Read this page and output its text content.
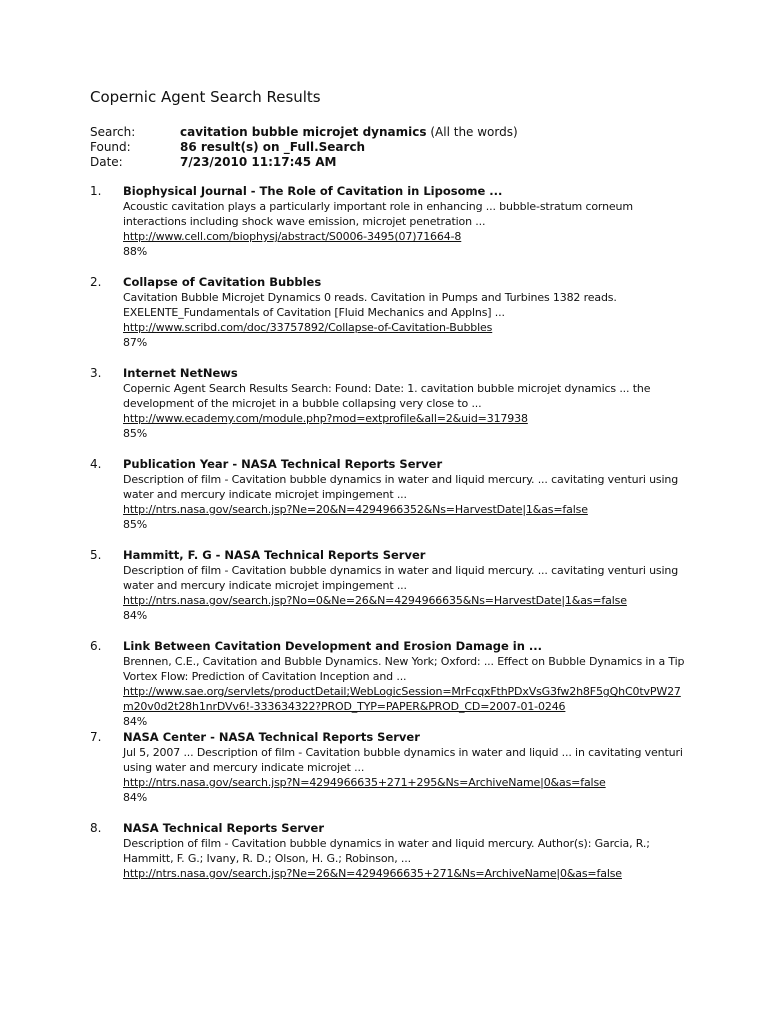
Copernic Agent Search Results
Search:	cavitation bubble microjet dynamics (All the words)
Found:	86 result(s) on _Full.Search
Date:	7/23/2010 11:17:45 AM
1.	Biophysical Journal - The Role of Cavitation in Liposome ...
Acoustic cavitation plays a particularly important role in enhancing ... bubble-stratum corneum interactions including shock wave emission, microjet penetration ...
http://www.cell.com/biophysj/abstract/S0006-3495(07)71664-8
88%
2.	Collapse of Cavitation Bubbles
Cavitation Bubble Microjet Dynamics 0 reads. Cavitation in Pumps and Turbines 1382 reads. EXELENTE_Fundamentals of Cavitation [Fluid Mechanics and Applns] ...
http://www.scribd.com/doc/33757892/Collapse-of-Cavitation-Bubbles
87%
3.	Internet NetNews
Copernic Agent Search Results Search: Found: Date: 1. cavitation bubble microjet dynamics ... the development of the microjet in a bubble collapsing very close to ...
http://www.ecademy.com/module.php?mod=extprofile&all=2&uid=317938
85%
4.	Publication Year - NASA Technical Reports Server
Description of film - Cavitation bubble dynamics in water and liquid mercury. ... cavitating venturi using water and mercury indicate microjet impingement ...
http://ntrs.nasa.gov/search.jsp?Ne=20&N=4294966352&Ns=HarvestDate|1&as=false
85%
5.	Hammitt, F. G - NASA Technical Reports Server
Description of film - Cavitation bubble dynamics in water and liquid mercury. ... cavitating venturi using water and mercury indicate microjet impingement ...
http://ntrs.nasa.gov/search.jsp?No=0&Ne=26&N=4294966635&Ns=HarvestDate|1&as=false
84%
6.	Link Between Cavitation Development and Erosion Damage in ...
Brennen, C.E., Cavitation and Bubble Dynamics. New York; Oxford: ... Effect on Bubble Dynamics in a Tip Vortex Flow: Prediction of Cavitation Inception and ...
http://www.sae.org/servlets/productDetail;WebLogicSession=MrFcqxFthPDxVsG3fw2h8F5gQhC0tvPW27m20v0d2t28h1nrDVv6!-333634322?PROD_TYP=PAPER&PROD_CD=2007-01-0246
84%
7.	NASA Center - NASA Technical Reports Server
Jul 5, 2007 ... Description of film - Cavitation bubble dynamics in water and liquid ... in cavitating venturi using water and mercury indicate microjet ...
http://ntrs.nasa.gov/search.jsp?N=4294966635+271+295&Ns=ArchiveName|0&as=false
84%
8.	NASA Technical Reports Server
Description of film - Cavitation bubble dynamics in water and liquid mercury. Author(s): Garcia, R.; Hammitt, F. G.; Ivany, R. D.; Olson, H. G.; Robinson, ...
http://ntrs.nasa.gov/search.jsp?Ne=26&N=4294966635+271&Ns=ArchiveName|0&as=false
